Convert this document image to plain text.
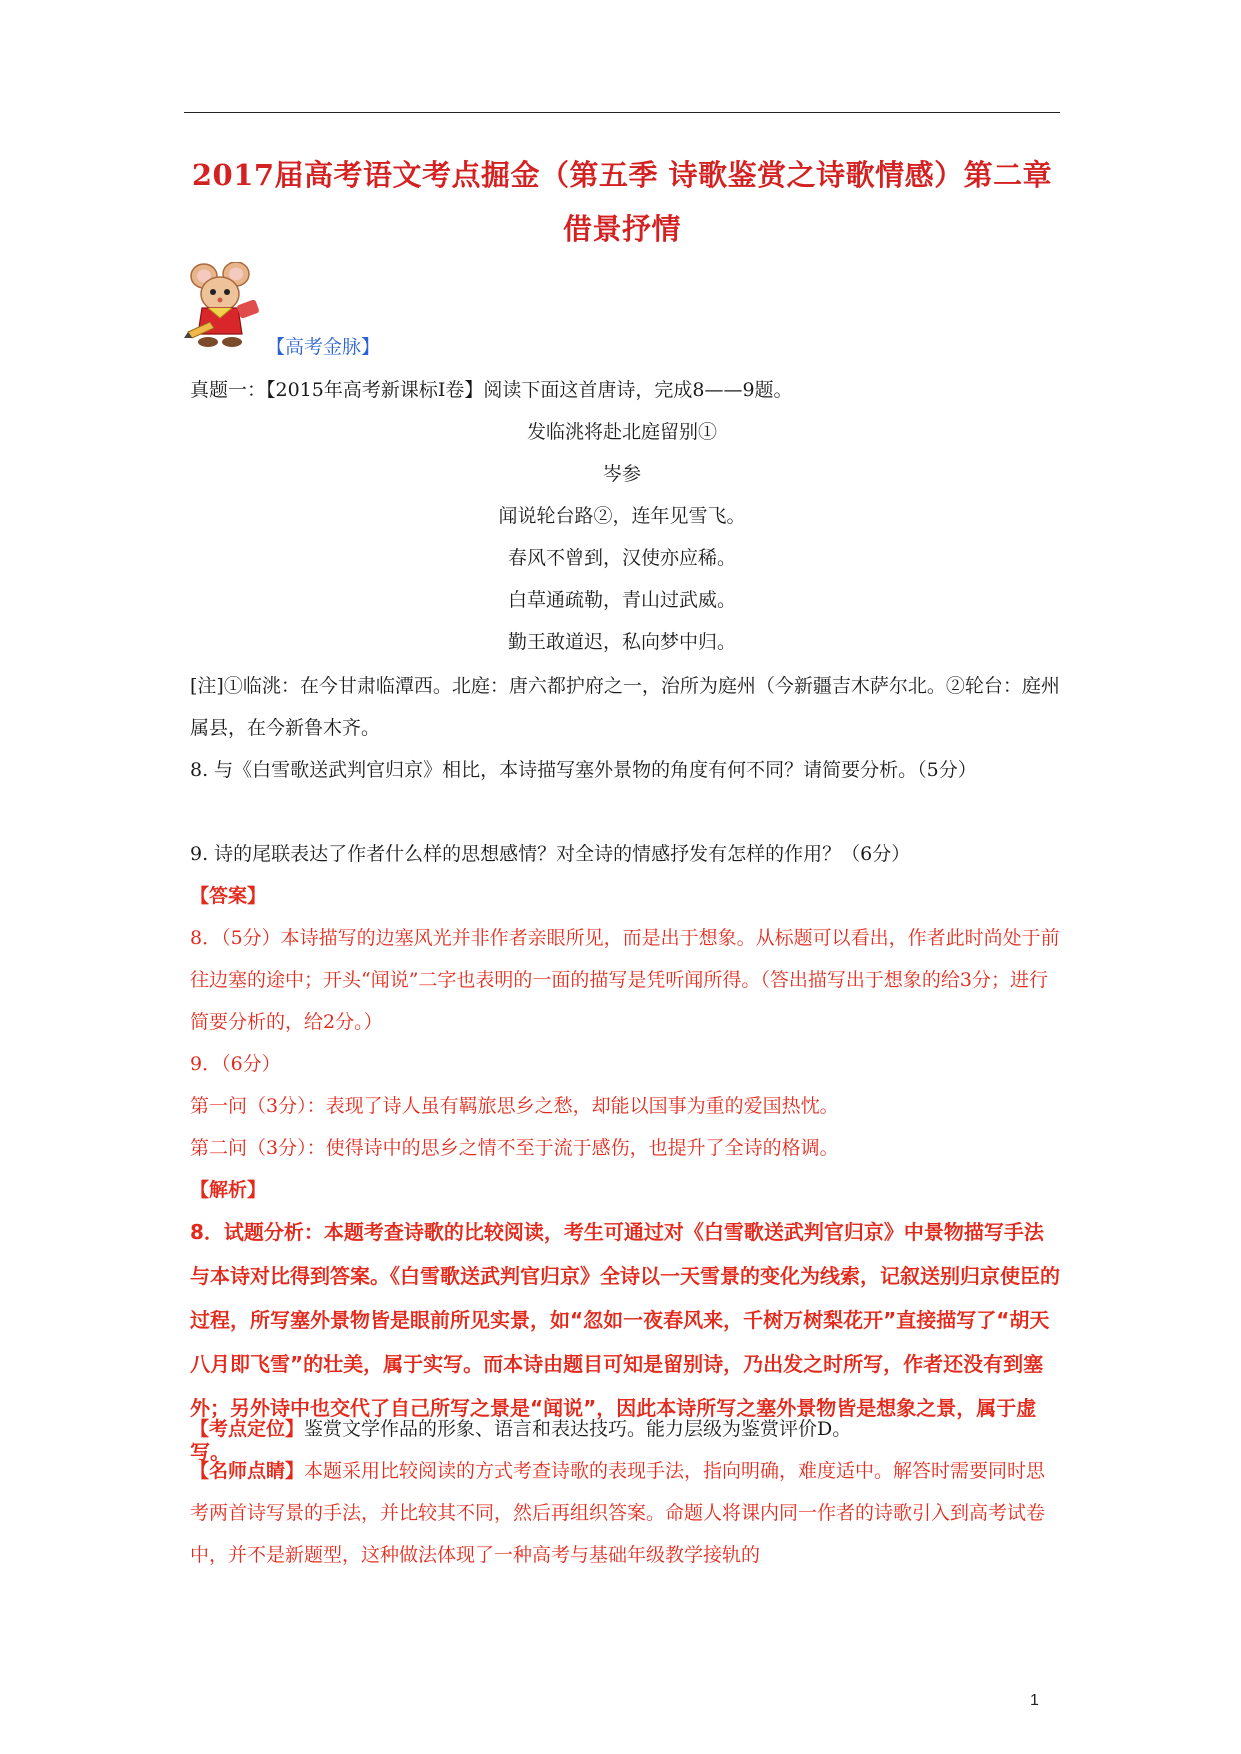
2017届高考语文考点掘金（第五季 诗歌鉴赏之诗歌情感）第二章 借景抒情
【高考金脉】
真题一：【2015年高考新课标Ⅰ卷】阅读下面这首唐诗，完成8——9题。
发临洮将赴北庭留别①
岑参
闻说轮台路②，连年见雪飞。
春风不曾到，汉使亦应稀。
白草通疏勒，青山过武威。
勤王敢道迟，私向梦中归。
[注]①临洮：在今甘肃临潭西。北庭：唐六都护府之一，治所为庭州（今新疆吉木萨尔北。②轮台：庭州属县，在今新鲁木齐。
8. 与《白雪歌送武判官归京》相比，本诗描写塞外景物的角度有何不同？请简要分析。（5分）
9. 诗的尾联表达了作者什么样的思想感情？对全诗的情感抒发有怎样的作用？（6分）
【答案】
8．（5分）本诗描写的边塞风光并非作者亲眼所见，而是出于想象。从标题可以看出，作者此时尚处于前往边塞的途中；开头“闻说”二字也表明的一面的描写是凭听闻所得。（答出描写出于想象的给3分；进行简要分析的，给2分。）
9．（6分）
第一问（3分）：表现了诗人虽有羁旅思乡之愁，却能以国事为重的爱国热忱。
第二问（3分）：使得诗中的思乡之情不至于流于感伤，也提升了全诗的格调。
【解析】
8．试题分析：本题考查诗歌的比较阅读，考生可通过对《白雪歌送武判官归京》中景物描写手法与本诗对比得到答案。《白雪歌送武判官归京》全诗以一天雪景的变化为线索，记叙送别归京使臣的过程，所写塞外景物皆是眼前所见实景，如“忽如一夜春风来，千树万树梨花开”直接描写了“胡天八月即飞雪”的壮美，属于实写。而本诗由题目可知是留别诗，乃出发之时所写，作者还没有到塞外；另外诗中也交代了自己所写之景是“闻说”，因此本诗所写之塞外景物皆是想象之景，属于虚写。
【考点定位】鉴赏文学作品的形象、语言和表达技巧。能力层级为鉴赏评价D。
【名师点睛】本题采用比较阅读的方式考查诗歌的表现手法，指向明确，难度适中。解答时需要同时思考两首诗写景的手法，并比较其不同，然后再组织答案。命题人将课内同一作者的诗歌引入到高考试卷中，并不是新题型，这种做法体现了一种高考与基础年级教学接轨的
1
